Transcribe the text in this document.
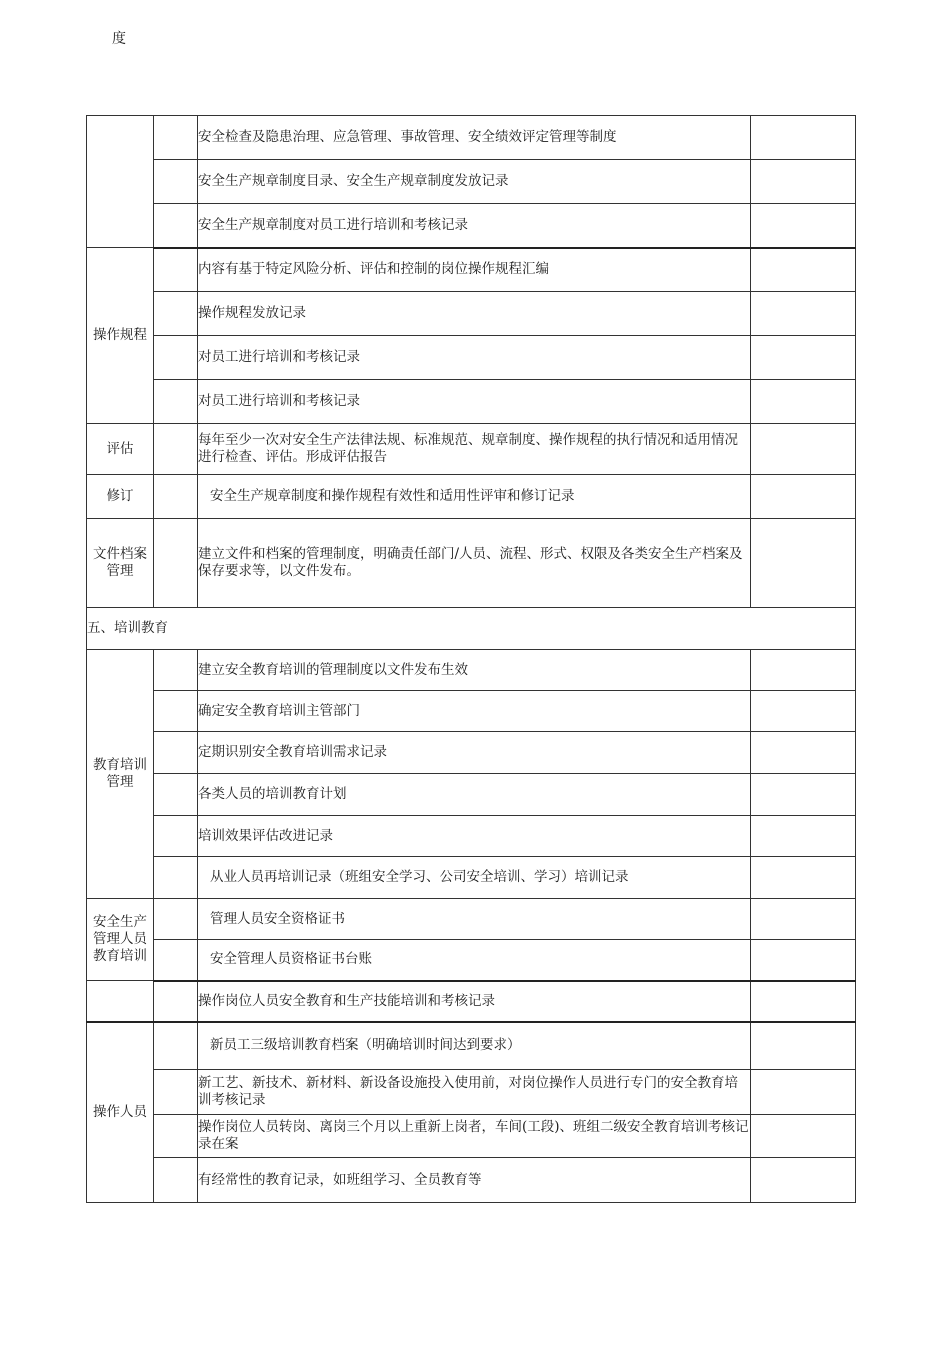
度
		安全检查及隐患治理、应急管理、事故管理、安全绩效评定管理等制度	
		安全生产规章制度目录、安全生产规章制度发放记录	
		安全生产规章制度对员工进行培训和考核记录	
操作规程		内容有基于特定风险分析、评估和控制的岗位操作规程汇编	
		操作规程发放记录	
		对员工进行培训和考核记录	
		对员工进行培训和考核记录	
评估		每年至少一次对安全生产法律法规、标准规范、规章制度、操作规程的执行情况和适用情况进行检查、评估。形成评估报告	
修订		安全生产规章制度和操作规程有效性和适用性评审和修订记录	
文件档案管理		建立文件和档案的管理制度，明确责任部门/人员、流程、形式、权限及各类安全生产档案及保存要求等，以文件发布。	

五、培训教育			
教育培训管理		建立安全教育培训的管理制度以文件发布生效	
		确定安全教育培训主管部门	
		定期识别安全教育培训需求记录	
		各类人员的培训教育计划	
		培训效果评估改进记录	
		从业人员再培训记录（班组安全学习、公司安全培训、学习）培训记录	
安全生产管理人员教育培训		管理人员安全资格证书	
		安全管理人员资格证书台账	
		操作岗位人员安全教育和生产技能培训和考核记录	
操作人员		新员工三级培训教育档案（明确培训时间达到要求）	
		新工艺、新技术、新材料、新设备设施投入使用前，对岗位操作人员进行专门的安全教育培训考核记录	
		操作岗位人员转岗、离岗三个月以上重新上岗者，车间(工段)、班组二级安全教育培训考核记录在案	
		有经常性的教育记录，如班组学习、全员教育等	
